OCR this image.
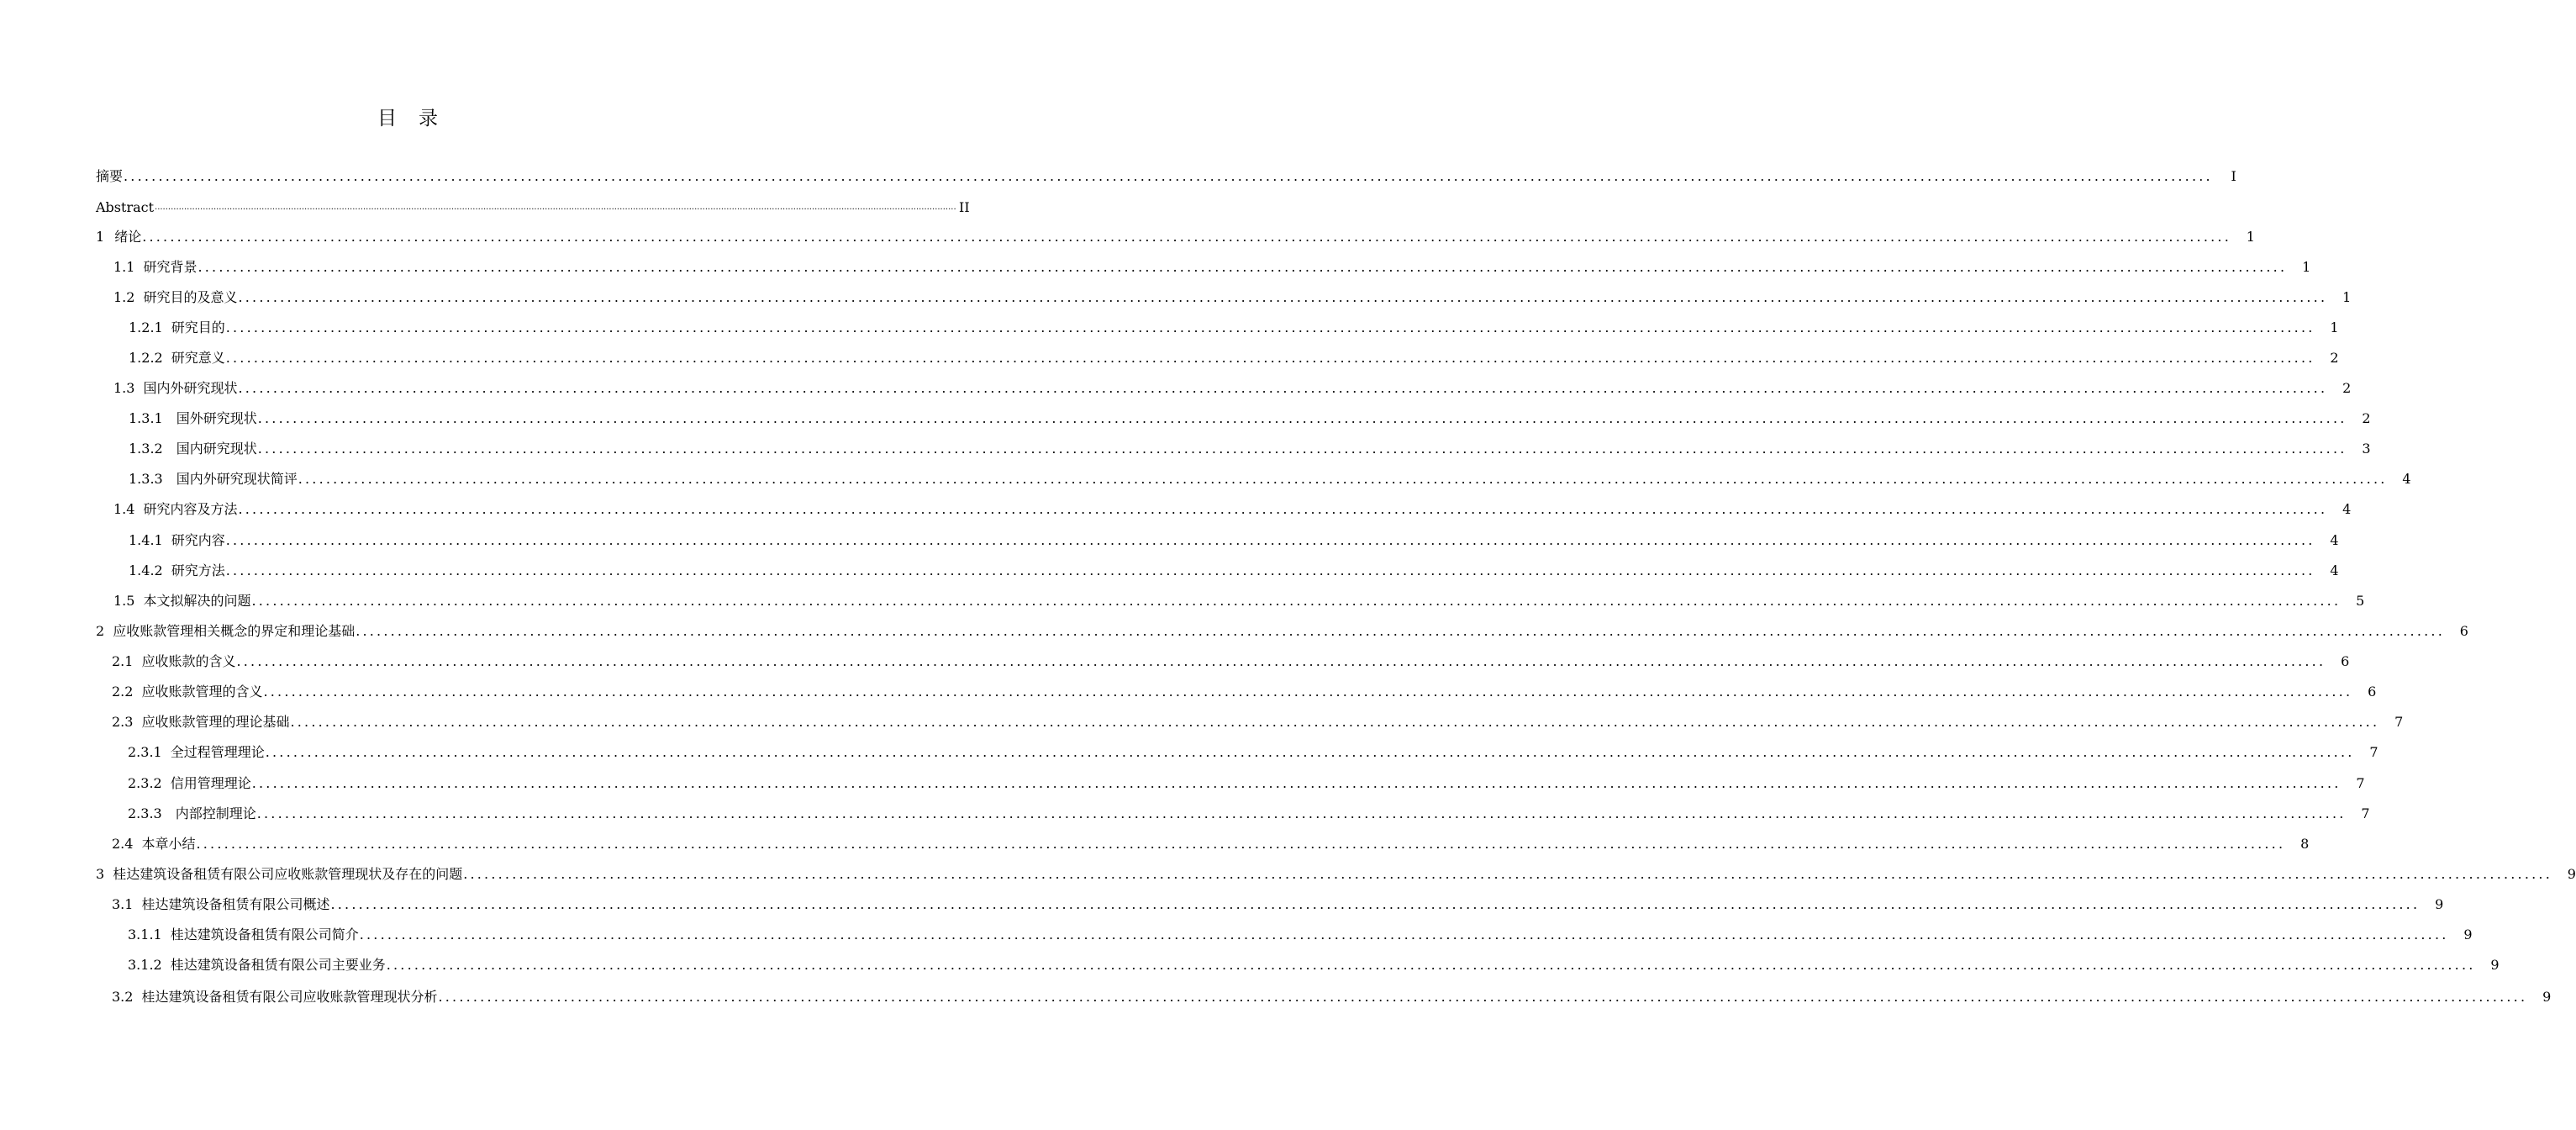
目 录
摘要 ............................................................................................................................................................................................................................................................................................................	I
Abstract ............................................................................................................................................................................................................................................................................................................ II
1 绪论 ............................................................................................................................................................................................................................................................................................................	1
1.1 研究背景 ............................................................................................................................................................................................................................................................................................................	1
1.2 研究目的及意义 ............................................................................................................................................................................................................................................................................................................	1
1.2.1 研究目的 ............................................................................................................................................................................................................................................................................................................	1
1.2.2 研究意义 ............................................................................................................................................................................................................................................................................................................	2
1.3 国内外研究现状 ............................................................................................................................................................................................................................................................................................................	2
1.3.1 国外研究现状 ............................................................................................................................................................................................................................................................................................................	2
1.3.2 国内研究现状 ............................................................................................................................................................................................................................................................................................................	3
1.3.3 国内外研究现状简评 ............................................................................................................................................................................................................................................................................................................	4
1.4 研究内容及方法 ............................................................................................................................................................................................................................................................................................................	4
1.4.1 研究内容 ............................................................................................................................................................................................................................................................................................................	4
1.4.2 研究方法 ............................................................................................................................................................................................................................................................................................................	4
1.5 本文拟解决的问题 ............................................................................................................................................................................................................................................................................................................	5
2 应收账款管理相关概念的界定和理论基础 ............................................................................................................................................................................................................................................................................................................	6
2.1 应收账款的含义 ............................................................................................................................................................................................................................................................................................................	6
2.2 应收账款管理的含义 ............................................................................................................................................................................................................................................................................................................	6
2.3 应收账款管理的理论基础 ............................................................................................................................................................................................................................................................................................................	7
2.3.1 全过程管理理论 ............................................................................................................................................................................................................................................................................................................	7
2.3.2 信用管理理论 ............................................................................................................................................................................................................................................................................................................	7
2.3.3 内部控制理论 ............................................................................................................................................................................................................................................................................................................	7
2.4 本章小结 ............................................................................................................................................................................................................................................................................................................	8
3 桂达建筑设备租赁有限公司应收账款管理现状及存在的问题 ............................................................................................................................................................................................................................................................................................................	9
3.1 桂达建筑设备租赁有限公司概述 ............................................................................................................................................................................................................................................................................................................	9
3.1.1 桂达建筑设备租赁有限公司简介 ............................................................................................................................................................................................................................................................................................................	9
3.1.2 桂达建筑设备租赁有限公司主要业务 ............................................................................................................................................................................................................................................................................................................	9
3.2 桂达建筑设备租赁有限公司应收账款管理现状分析 ............................................................................................................................................................................................................................................................................................................	9
